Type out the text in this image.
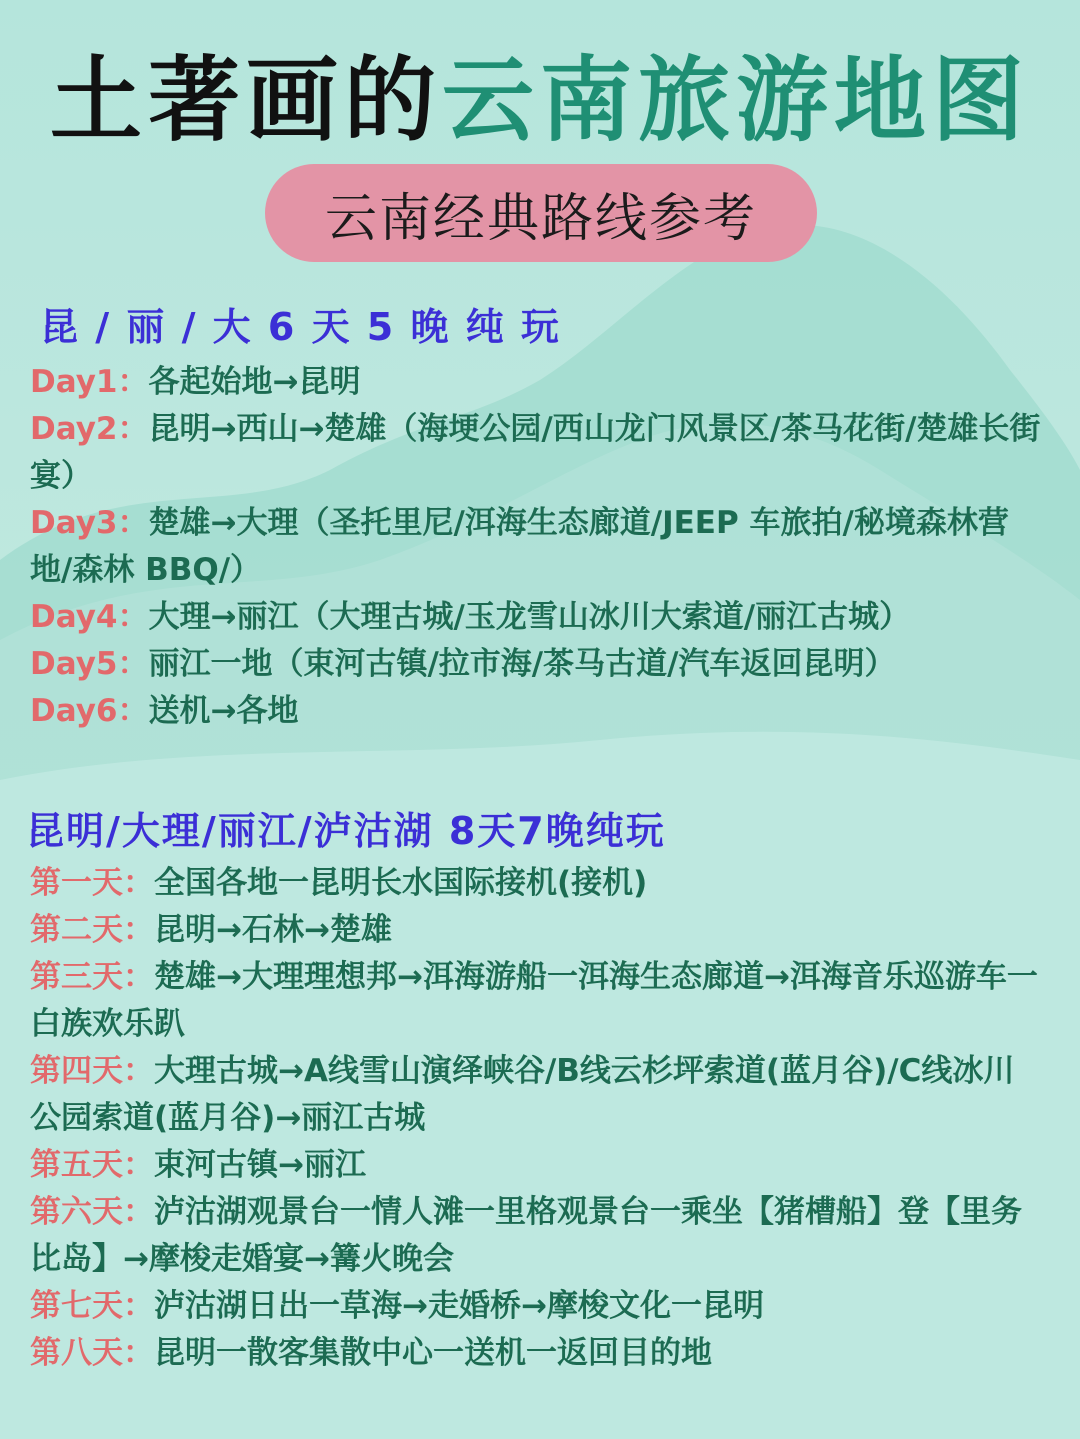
土著画的云南旅游地图
云南经典路线参考
昆 / 丽 / 大 6 天 5 晚 纯 玩
Day1：各起始地→昆明
Day2：昆明→西山→楚雄（海埂公园/西山龙门风景区/茶马花街/楚雄长街宴）
Day3：楚雄→大理（圣托里尼/洱海生态廊道/JEEP 车旅拍/秘境森林营地/森林 BBQ/）
Day4：大理→丽江（大理古城/玉龙雪山冰川大索道/丽江古城）
Day5：丽江一地（束河古镇/拉市海/茶马古道/汽车返回昆明）
Day6：送机→各地
昆明/大理/丽江/泸沽湖 8天7晚纯玩
第一天：全国各地一昆明长水国际接机(接机)
第二天：昆明→石林→楚雄
第三天：楚雄→大理理想邦→洱海游船一洱海生态廊道→洱海音乐巡游车一白族欢乐趴
第四天：大理古城→A线雪山演绎峡谷/B线云杉坪索道(蓝月谷)/C线冰川公园索道(蓝月谷)→丽江古城
第五天：束河古镇→丽江
第六天：泸沽湖观景台一情人滩一里格观景台一乘坐【猪槽船】登【里务比岛】→摩梭走婚宴→篝火晚会
第七天：泸沽湖日出一草海→走婚桥→摩梭文化一昆明
第八天：昆明一散客集散中心一送机一返回目的地
